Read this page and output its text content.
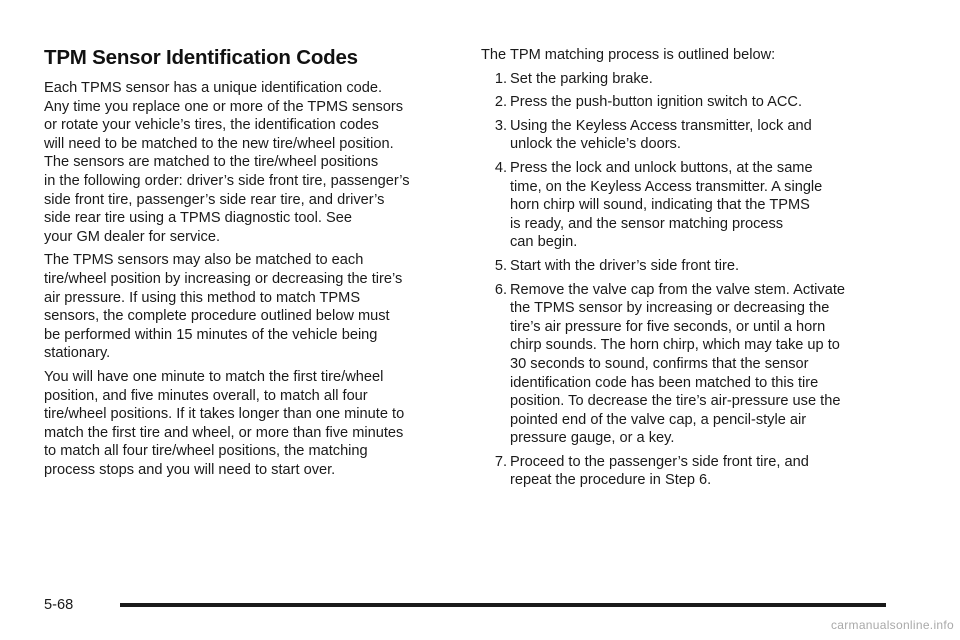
TPM Sensor Identification Codes

Each TPMS sensor has a unique identification code.
Any time you replace one or more of the TPMS sensors
or rotate your vehicle’s tires, the identification codes
will need to be matched to the new tire/wheel position.
The sensors are matched to the tire/wheel positions
in the following order: driver’s side front tire, passenger’s
side front tire, passenger’s side rear tire, and driver’s
side rear tire using a TPMS diagnostic tool. See
your GM dealer for service.

The TPMS sensors may also be matched to each
tire/wheel position by increasing or decreasing the tire’s
air pressure. If using this method to match TPMS
sensors, the complete procedure outlined below must
be performed within 15 minutes of the vehicle being
stationary.

You will have one minute to match the first tire/wheel
position, and five minutes overall, to match all four
tire/wheel positions. If it takes longer than one minute to
match the first tire and wheel, or more than five minutes
to match all four tire/wheel positions, the matching
process stops and you will need to start over.

The TPM matching process is outlined below:

1. Set the parking brake.
2. Press the push-button ignition switch to ACC.
3. Using the Keyless Access transmitter, lock and
unlock the vehicle’s doors.
4. Press the lock and unlock buttons, at the same
time, on the Keyless Access transmitter. A single
horn chirp will sound, indicating that the TPMS
is ready, and the sensor matching process
can begin.
5. Start with the driver’s side front tire.
6. Remove the valve cap from the valve stem. Activate
the TPMS sensor by increasing or decreasing the
tire’s air pressure for five seconds, or until a horn
chirp sounds. The horn chirp, which may take up to
30 seconds to sound, confirms that the sensor
identification code has been matched to this tire
position. To decrease the tire’s air-pressure use the
pointed end of the valve cap, a pencil-style air
pressure gauge, or a key.
7. Proceed to the passenger’s side front tire, and
repeat the procedure in Step 6.
5-68
carmanualsonline.info
